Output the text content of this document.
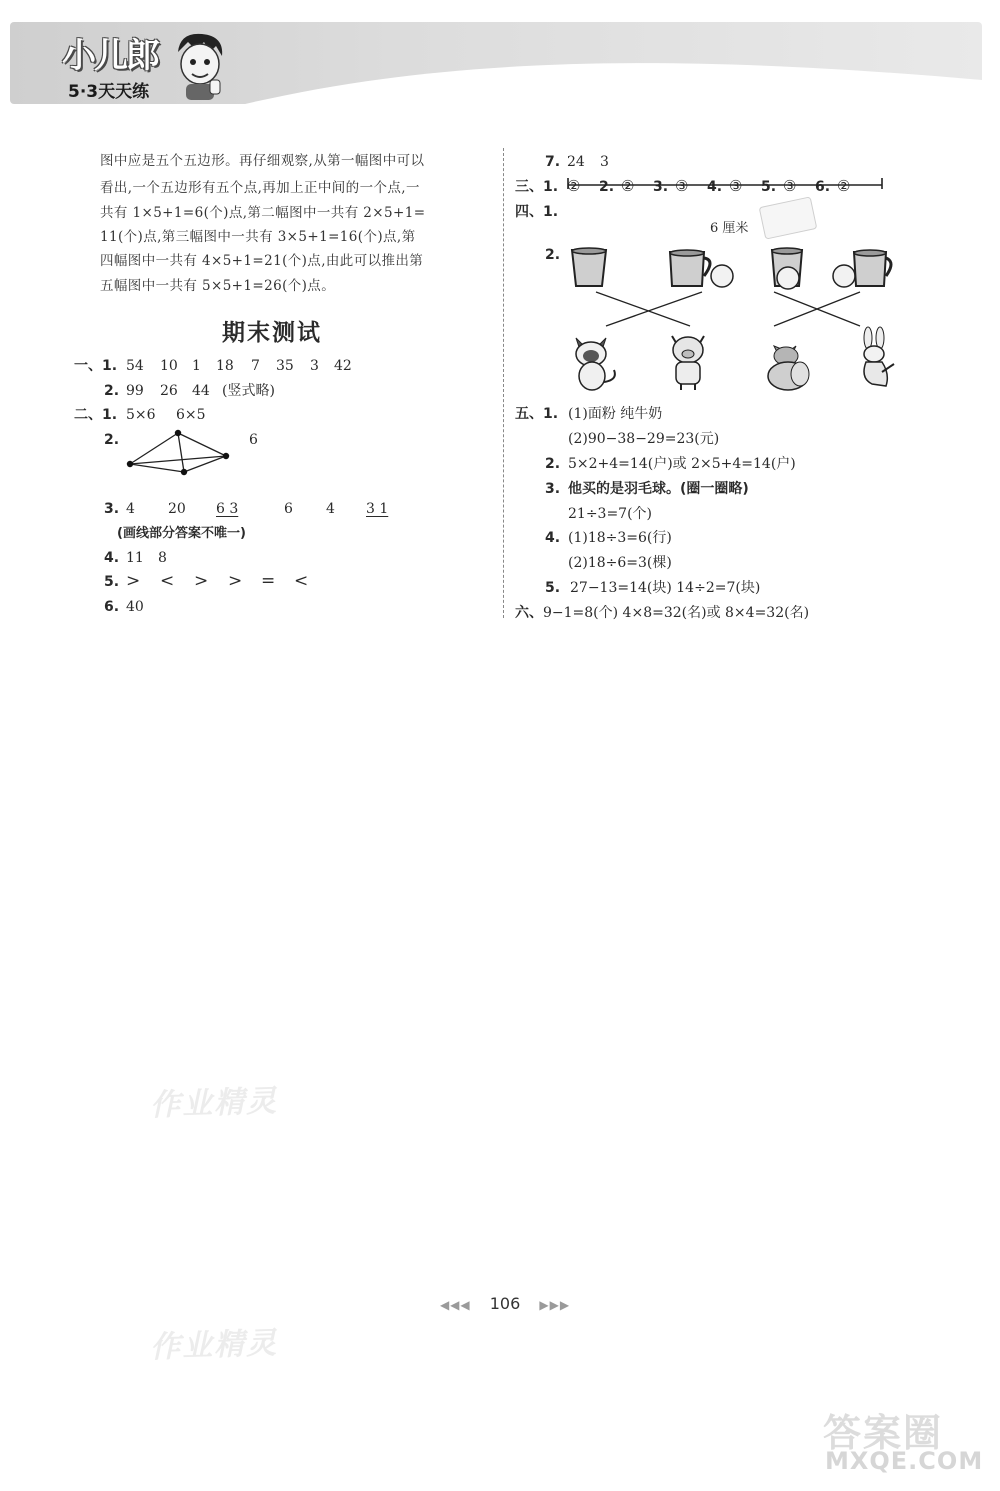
小儿郎
5·3天天练
图中应是五个五边形。再仔细观察,从第一幅图中可以
看出,一个五边形有五个点,再加上正中间的一个点,一
共有 1×5+1=6(个)点,第二幅图中一共有 2×5+1=
11(个)点,第三幅图中一共有 3×5+1=16(个)点,第
四幅图中一共有 4×5+1=21(个)点,由此可以推出第
五幅图中一共有 5×5+1=26(个)点。
期末测试
一、1. 54 10 1 18 7 35 3 42
2. 99 26 44 (竖式略)
二、1. 5×6 6×5
2.	6
3. 4 20 6 3	6 4 3 1
(画线部分答案不唯一)
4. 11 8
5. > < > > = <
6. 40
7. 24 3
三、1. ② 2. ② 3. ③ 4. ③ 5. ③ 6. ②
四、1.
6 厘米
2.
五、1. (1)面粉 纯牛奶
(2)90−38−29=23(元)
2. 5×2+4=14(户)或 2×5+4=14(户)
3. 他买的是羽毛球。(圈一圈略)
21÷3=7(个)
4. (1)18÷3=6(行)
(2)18÷6=3(棵)
5. 27−13=14(块) 14÷2=7(块)
六、 9−1=8(个) 4×8=32(名)或 8×4=32(名)
作业精灵
作业精灵
◀◀◀ 106 ▶▶▶
答案圈
MXQE.COM
